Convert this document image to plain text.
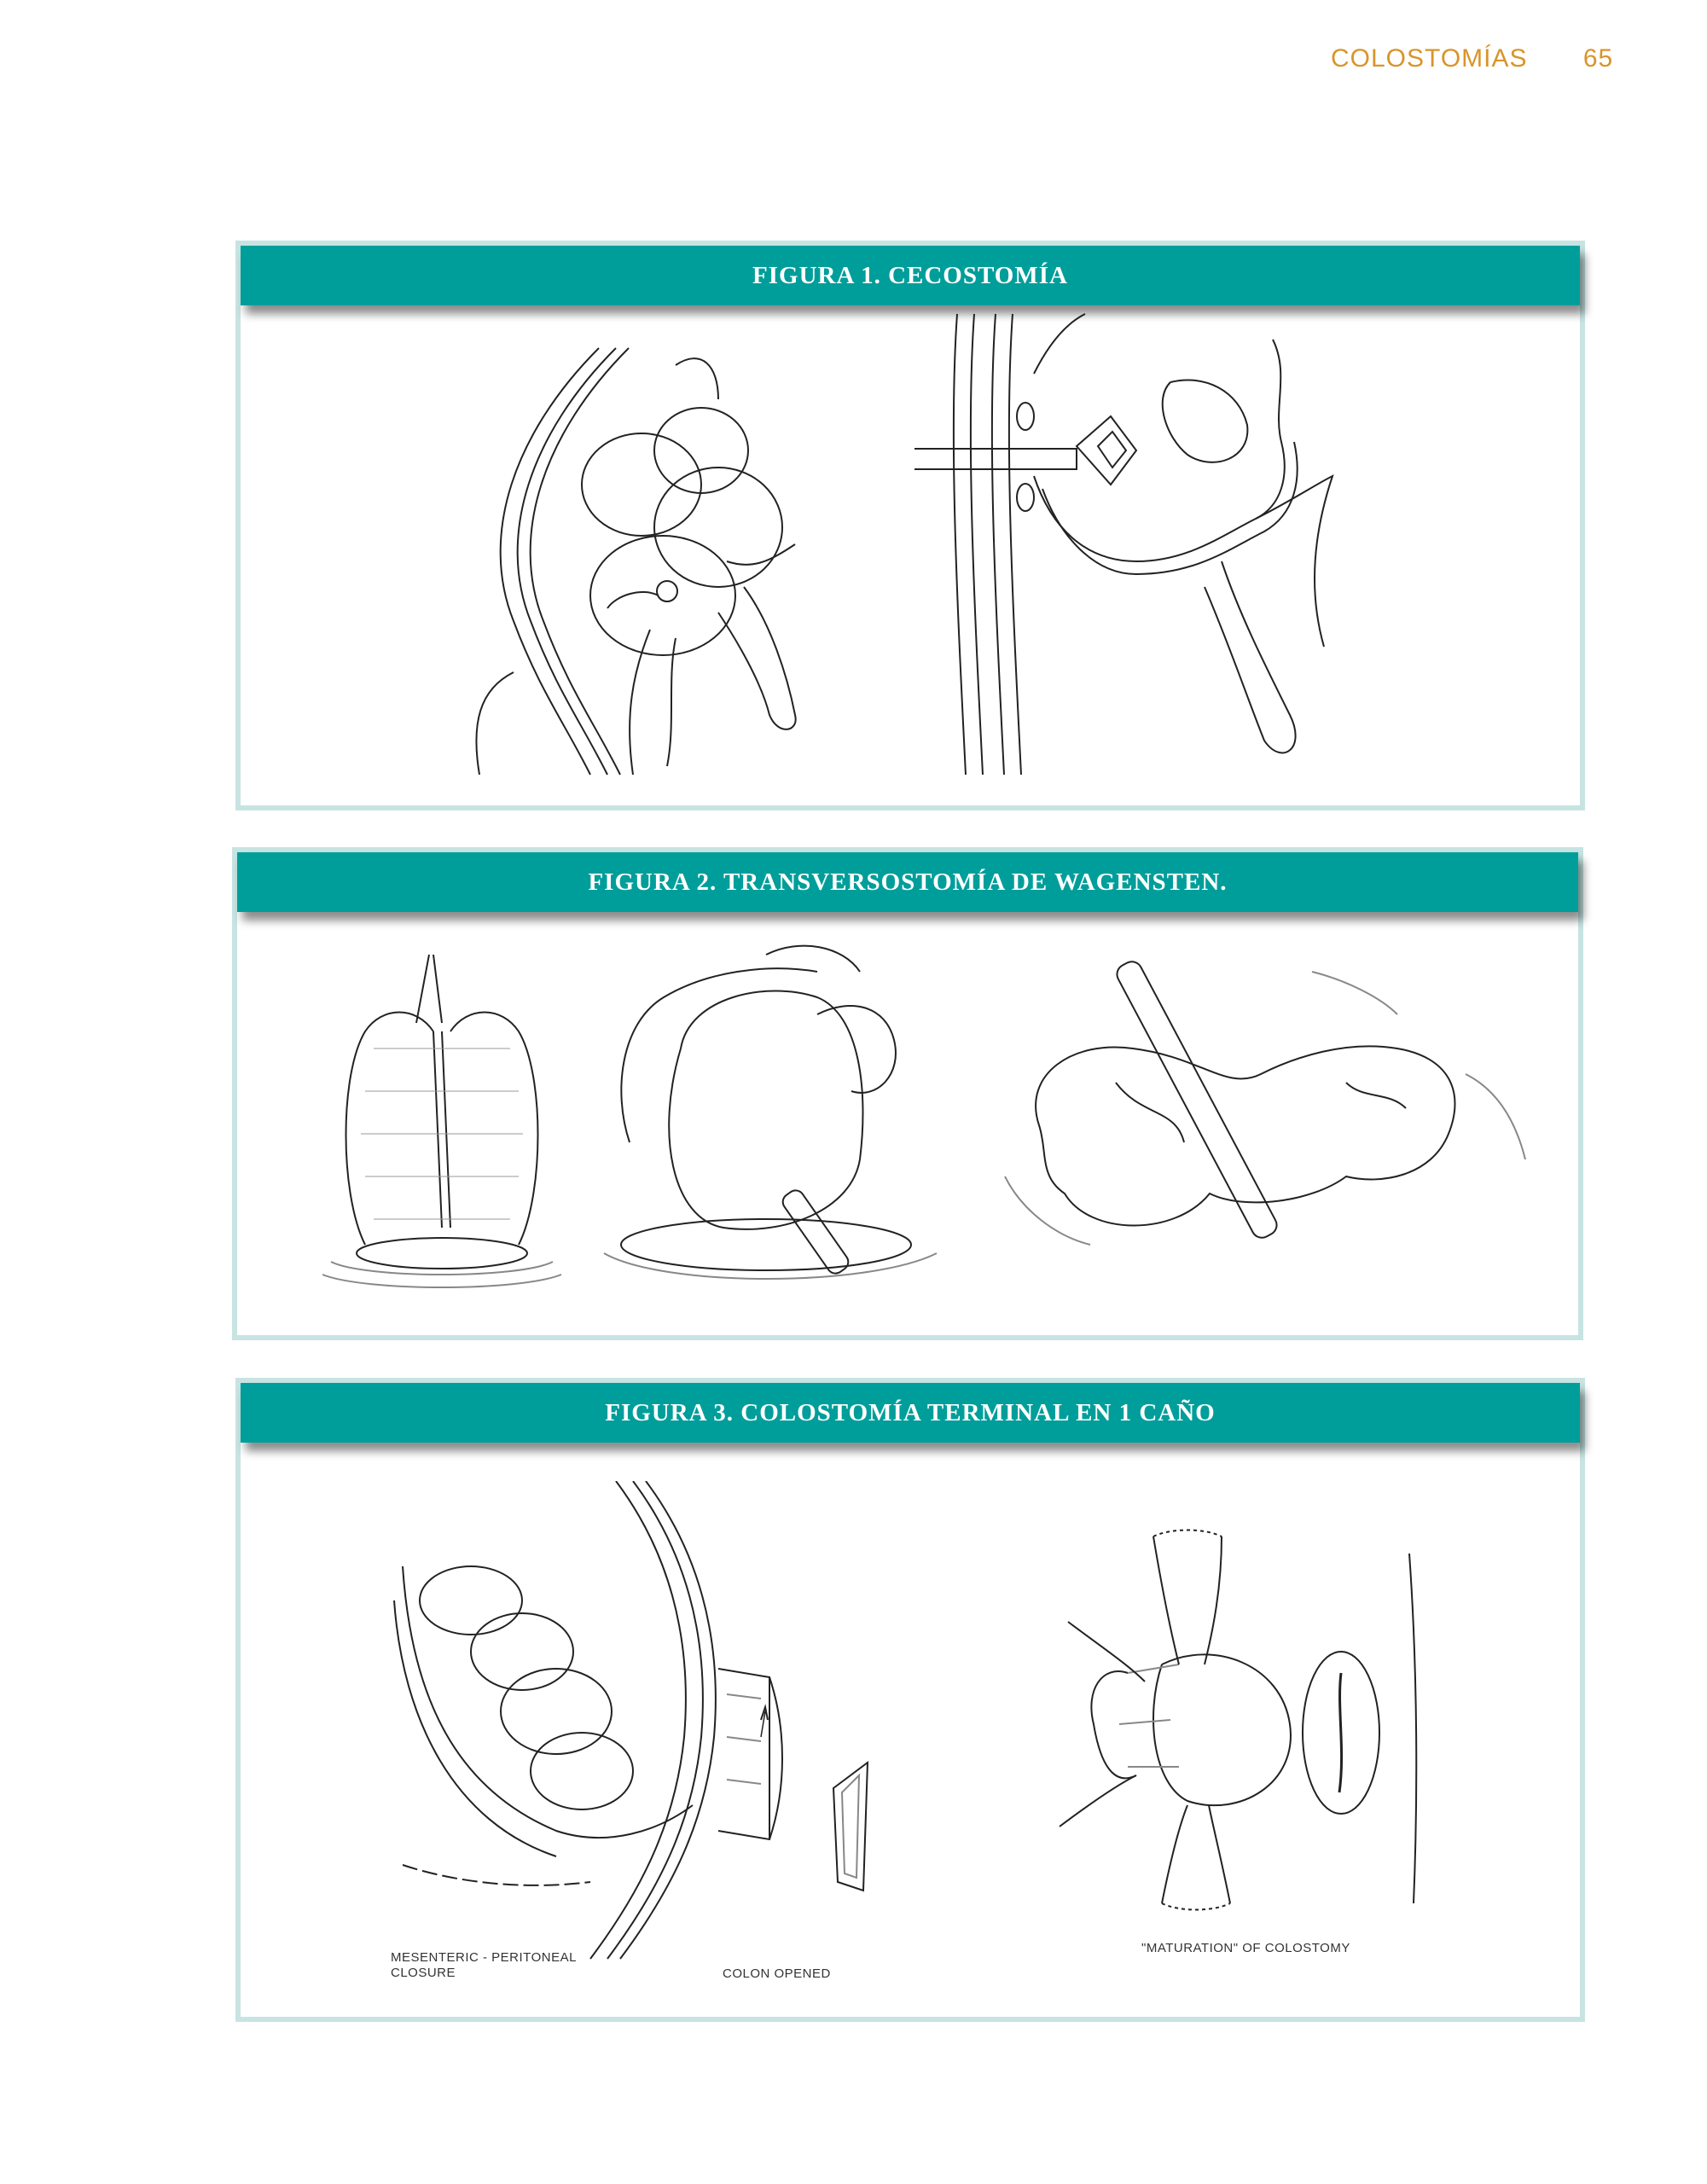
COLOSTOMÍAS 65
FIGURA 1. CECOSTOMÍA
FIGURA 2. TRANSVERSOSTOMÍA DE WAGENSTEN.
FIGURA 3. COLOSTOMÍA TERMINAL EN 1 CAÑO
MESENTERIC - PERITONEAL
CLOSURE	COLON OPENED
"MATURATION" OF COLOSTOMY
